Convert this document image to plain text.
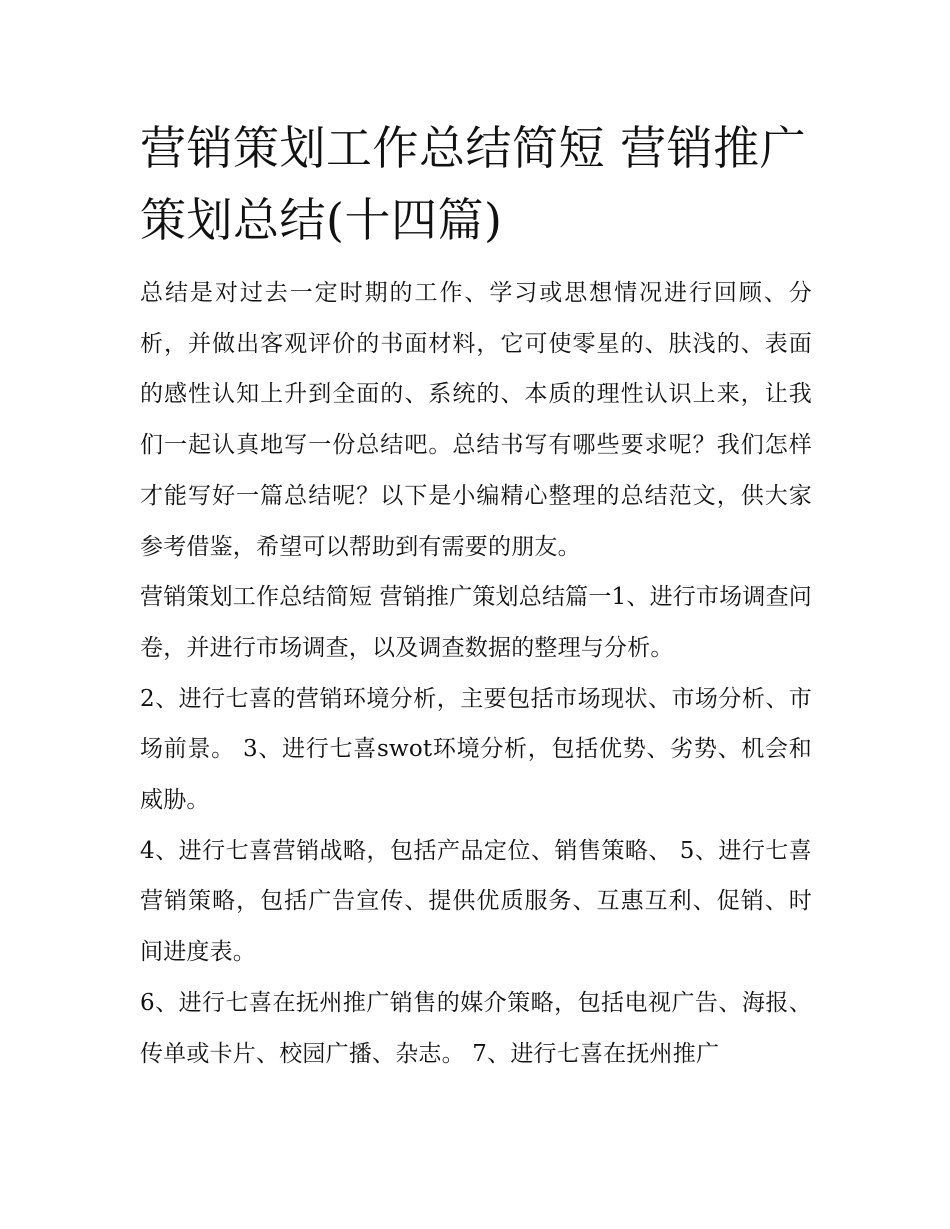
营销策划工作总结简短 营销推广策划总结(十四篇)

总结是对过去一定时期的工作、学习或思想情况进行回顾、分析，并做出客观评价的书面材料，它可使零星的、肤浅的、表面的感性认知上升到全面的、系统的、本质的理性认识上来，让我们一起认真地写一份总结吧。总结书写有哪些要求呢？我们怎样才能写好一篇总结呢？以下是小编精心整理的总结范文，供大家参考借鉴，希望可以帮助到有需要的朋友。

营销策划工作总结简短 营销推广策划总结篇一1、进行市场调查问卷，并进行市场调查，以及调查数据的整理与分析。

2、进行七喜的营销环境分析，主要包括市场现状、市场分析、市场前景。 3、进行七喜swot环境分析，包括优势、劣势、机会和威胁。

4、进行七喜营销战略，包括产品定位、销售策略、 5、进行七喜营销策略，包括广告宣传、提供优质服务、互惠互利、促销、时间进度表。

6、进行七喜在抚州推广销售的媒介策略，包括电视广告、海报、传单或卡片、校园广播、杂志。 7、进行七喜在抚州推广
